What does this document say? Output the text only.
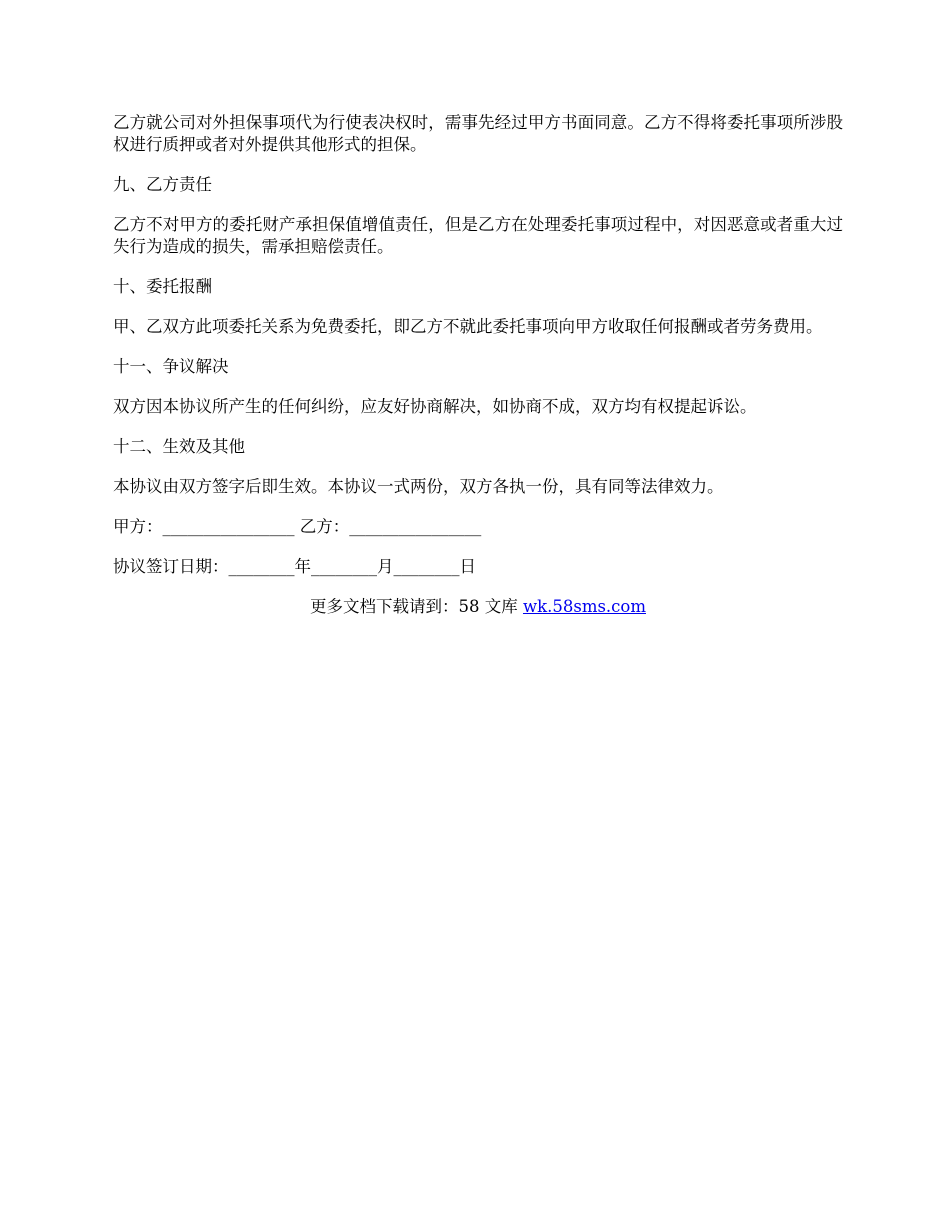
乙方就公司对外担保事项代为行使表决权时，需事先经过甲方书面同意。乙方不得将委托事项所涉股权进行质押或者对外提供其他形式的担保。

九、乙方责任

乙方不对甲方的委托财产承担保值增值责任，但是乙方在处理委托事项过程中，对因恶意或者重大过失行为造成的损失，需承担赔偿责任。

十、委托报酬

甲、乙双方此项委托关系为免费委托，即乙方不就此委托事项向甲方收取任何报酬或者劳务费用。

十一、争议解决

双方因本协议所产生的任何纠纷，应友好协商解决，如协商不成，双方均有权提起诉讼。

十二、生效及其他

本协议由双方签字后即生效。本协议一式两份，双方各执一份，具有同等法律效力。

甲方：________________ 乙方：________________

协议签订日期：________年________月________日

更多文档下载请到：58 文库 wk.58sms.com
